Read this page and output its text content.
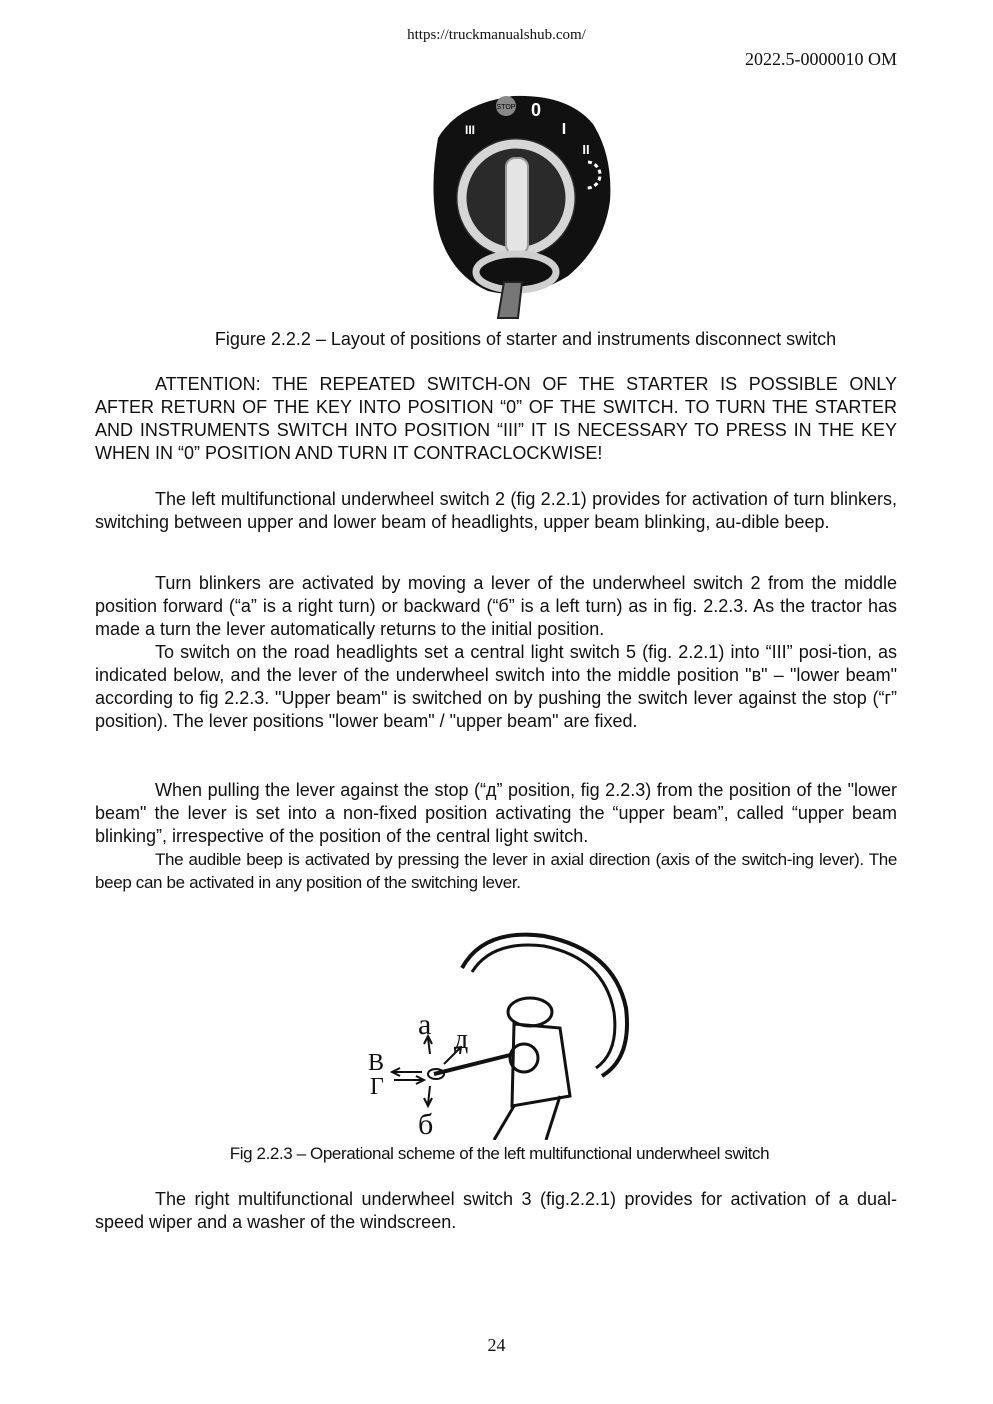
https://truckmanualshub.com/
2022.5-0000010 OM
STOP 0
I
II
III
Figure 2.2.2 – Layout of positions of starter and instruments disconnect switch

ATTENTION: THE REPEATED SWITCH-ON OF THE STARTER IS POSSIBLE ONLY AFTER RETURN OF THE KEY INTO POSITION “0” OF THE SWITCH. TO TURN THE STARTER AND INSTRUMENTS SWITCH INTO POSITION “III” IT IS NECESSARY TO PRESS IN THE KEY WHEN IN “0” POSITION AND TURN IT CONTRACLOCKWISE!

The left multifunctional underwheel switch 2 (fig 2.2.1) provides for activation of turn blinkers, switching between upper and lower beam of headlights, upper beam blinking, au-dible beep.

Turn blinkers are activated by moving a lever of the underwheel switch 2 from the middle position forward (“a” is a right turn) or backward (“б” is a left turn) as in fig. 2.2.3. As the tractor has made a turn the lever automatically returns to the initial position.

To switch on the road headlights set a central light switch 5 (fig. 2.2.1) into “III” posi-tion, as indicated below, and the lever of the underwheel switch into the middle position "в" – "lower beam" according to fig 2.2.3. "Upper beam" is switched on by pushing the switch lever against the stop (“г” position). The lever positions "lower beam" / "upper beam" are fixed.

When pulling the lever against the stop (“д” position, fig 2.2.3) from the position of the "lower beam" the lever is set into a non-fixed position activating the “upper beam”, called “upper beam blinking”, irrespective of the position of the central light switch.

The audible beep is activated by pressing the lever in axial direction (axis of the switch-ing lever). The beep can be activated in any position of the switching lever.

а
б
В
Г
д
Fig 2.2.3 – Operational scheme of the left multifunctional underwheel switch

The right multifunctional underwheel switch 3 (fig.2.2.1) provides for activation of a dual-speed wiper and a washer of the windscreen.

24
